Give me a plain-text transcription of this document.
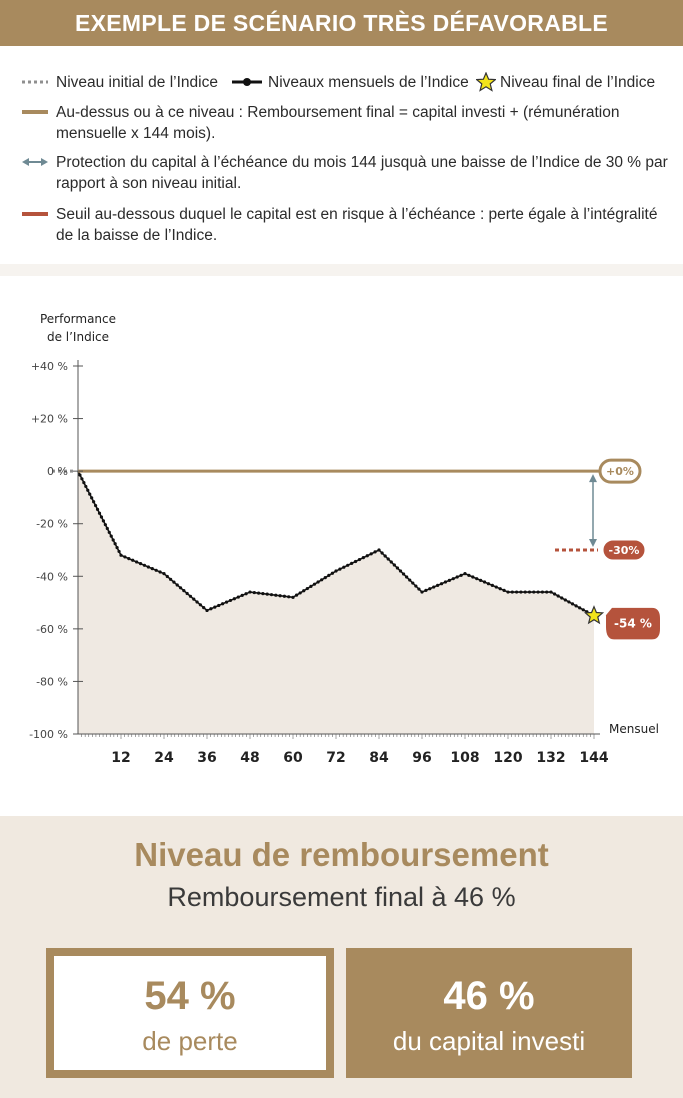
EXEMPLE DE SCÉNARIO TRÈS DÉFAVORABLE
Niveau initial de l’Indice	Niveaux mensuels de l’Indice Niveau final de l’Indice
Au-dessus ou à ce niveau : Remboursement final = capital investi + (rémunération
mensuelle x 144 mois).
Protection du capital à l’échéance du mois 144 jusquà une baisse de l’Indice de 30 % par
rapport à son niveau initial.
Seuil au-dessous duquel le capital est en risque à l’échéance : perte égale à l’intégralité
de la baisse de l’Indice.
+0%
-30%
-54 %
+40 %
+20 %
0 %
-20 %
-40 %
-60 %
-80 %
-100 %
12 24 36 48 60 72 84 96 108 120 132 144
Performance
de l’Indice
Mensuel
Niveau de remboursement
Remboursement final à 46 %
54 %
de perte
46 %
du capital investi
